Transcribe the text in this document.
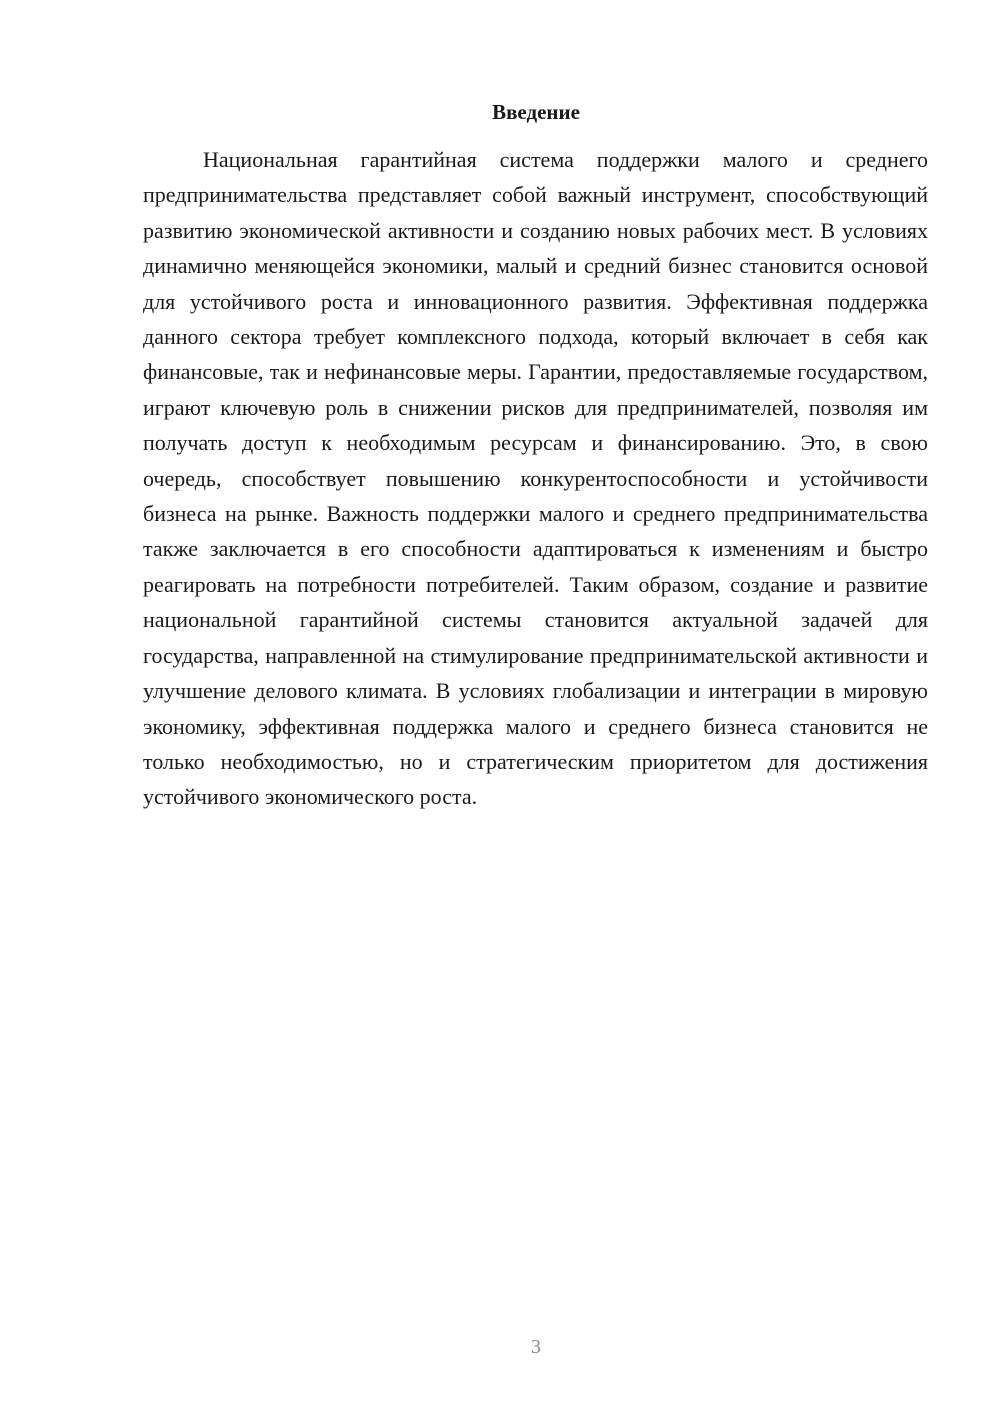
Введение

Национальная гарантийная система поддержки малого и среднего предпринимательства представляет собой важный инструмент, способствующий развитию экономической активности и созданию новых рабочих мест. В условиях динамично меняющейся экономики, малый и средний бизнес становится основой для устойчивого роста и инновационного развития. Эффективная поддержка данного сектора требует комплексного подхода, который включает в себя как финансовые, так и нефинансовые меры. Гарантии, предоставляемые государством, играют ключевую роль в снижении рисков для предпринимателей, позволяя им получать доступ к необходимым ресурсам и финансированию. Это, в свою очередь, способствует повышению конкурентоспособности и устойчивости бизнеса на рынке. Важность поддержки малого и среднего предпринимательства также заключается в его способности адаптироваться к изменениям и быстро реагировать на потребности потребителей. Таким образом, создание и развитие национальной гарантийной системы становится актуальной задачей для государства, направленной на стимулирование предпринимательской активности и улучшение делового климата. В условиях глобализации и интеграции в мировую экономику, эффективная поддержка малого и среднего бизнеса становится не только необходимостью, но и стратегическим приоритетом для достижения устойчивого экономического роста.

3
